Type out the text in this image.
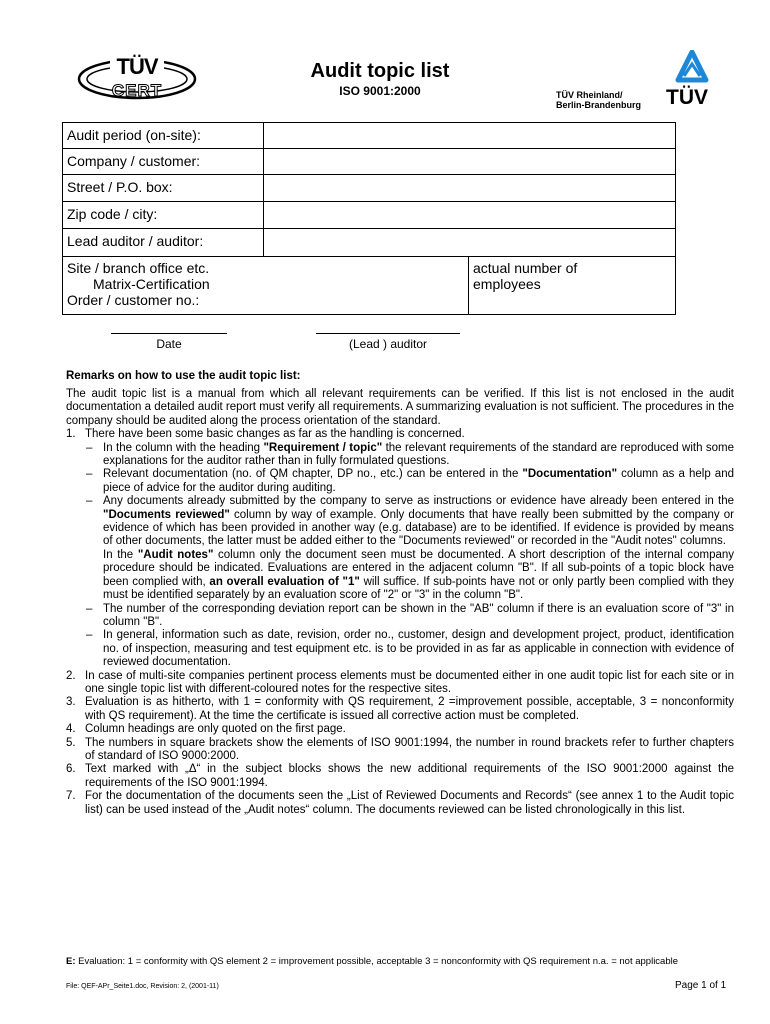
TÜV
CERT
Audit topic list
ISO 9001:2000	TÜV Rheinland/
Berlin-Brandenburg TÜV
Audit period (on-site):
Company / customer:
Street / P.O. box:
Zip code / city:
Lead auditor / auditor:
Site / branch office etc.
Matrix-Certification
Order / customer no.:
actual number of
employees
Date	(Lead ) auditor
Remarks on how to use the audit topic list:

The audit topic list is a manual from which all relevant requirements can be verified. If this list is not enclosed in the audit documentation a detailed audit report must verify all requirements. A summarizing evaluation is not sufficient. The procedures in the company should be audited along the process orientation of the standard.

1. There have been some basic changes as far as the handling is concerned.
– In the column with the heading "Requirement / topic" the relevant requirements of the standard are reproduced with some explanations for the auditor rather than in fully formulated questions.
– Relevant documentation (no. of QM chapter, DP no., etc.) can be entered in the "Documentation" column as a help and piece of advice for the auditor during auditing.
– Any documents already submitted by the company to serve as instructions or evidence have already been entered in the "Documents reviewed" column by way of example. Only documents that have really been submitted by the company or evidence of which has been provided in another way (e.g. database) are to be identified. If evidence is provided by means of other documents, the latter must be added either to the "Documents reviewed" or recorded in the "Audit notes" columns.
In the "Audit notes" column only the document seen must be documented. A short description of the internal company procedure should be indicated. Evaluations are entered in the adjacent column "B". If all sub-points of a topic block have been complied with, an overall evaluation of "1" will suffice. If sub-points have not or only partly been complied with they must be identified separately by an evaluation score of "2" or "3" in the column "B".
– The number of the corresponding deviation report can be shown in the "AB" column if there is an evaluation score of "3" in column "B".
– In general, information such as date, revision, order no., customer, design and development project, product, identification no. of inspection, measuring and test equipment etc. is to be provided in as far as applicable in connection with evidence of reviewed documentation.
2. In case of multi-site companies pertinent process elements must be documented either in one audit topic list for each site or in one single topic list with different-coloured notes for the respective sites.
3. Evaluation is as hitherto, with 1 = conformity with QS requirement, 2 =improvement possible, acceptable, 3 = nonconformity with QS requirement). At the time the certificate is issued all corrective action must be completed.
4. Column headings are only quoted on the first page.
5. The numbers in square brackets show the elements of ISO 9001:1994, the number in round brackets refer to further chapters of standard of ISO 9000:2000.
6. Text marked with „Δ“ in the subject blocks shows the new additional requirements of the ISO 9001:2000 against the requirements of the ISO 9001:1994.
7. For the documentation of the documents seen the „List of Reviewed Documents and Records“ (see annex 1 to the Audit topic list) can be used instead of the „Audit notes“ column. The documents reviewed can be listed chronologically in this list.
E: Evaluation: 1 = conformity with QS element 2 = improvement possible, acceptable 3 = nonconformity with QS requirement n.a. = not applicable
File: QEF-APr_Seite1.doc, Revision: 2, (2001-11)	Page 1 of 1
